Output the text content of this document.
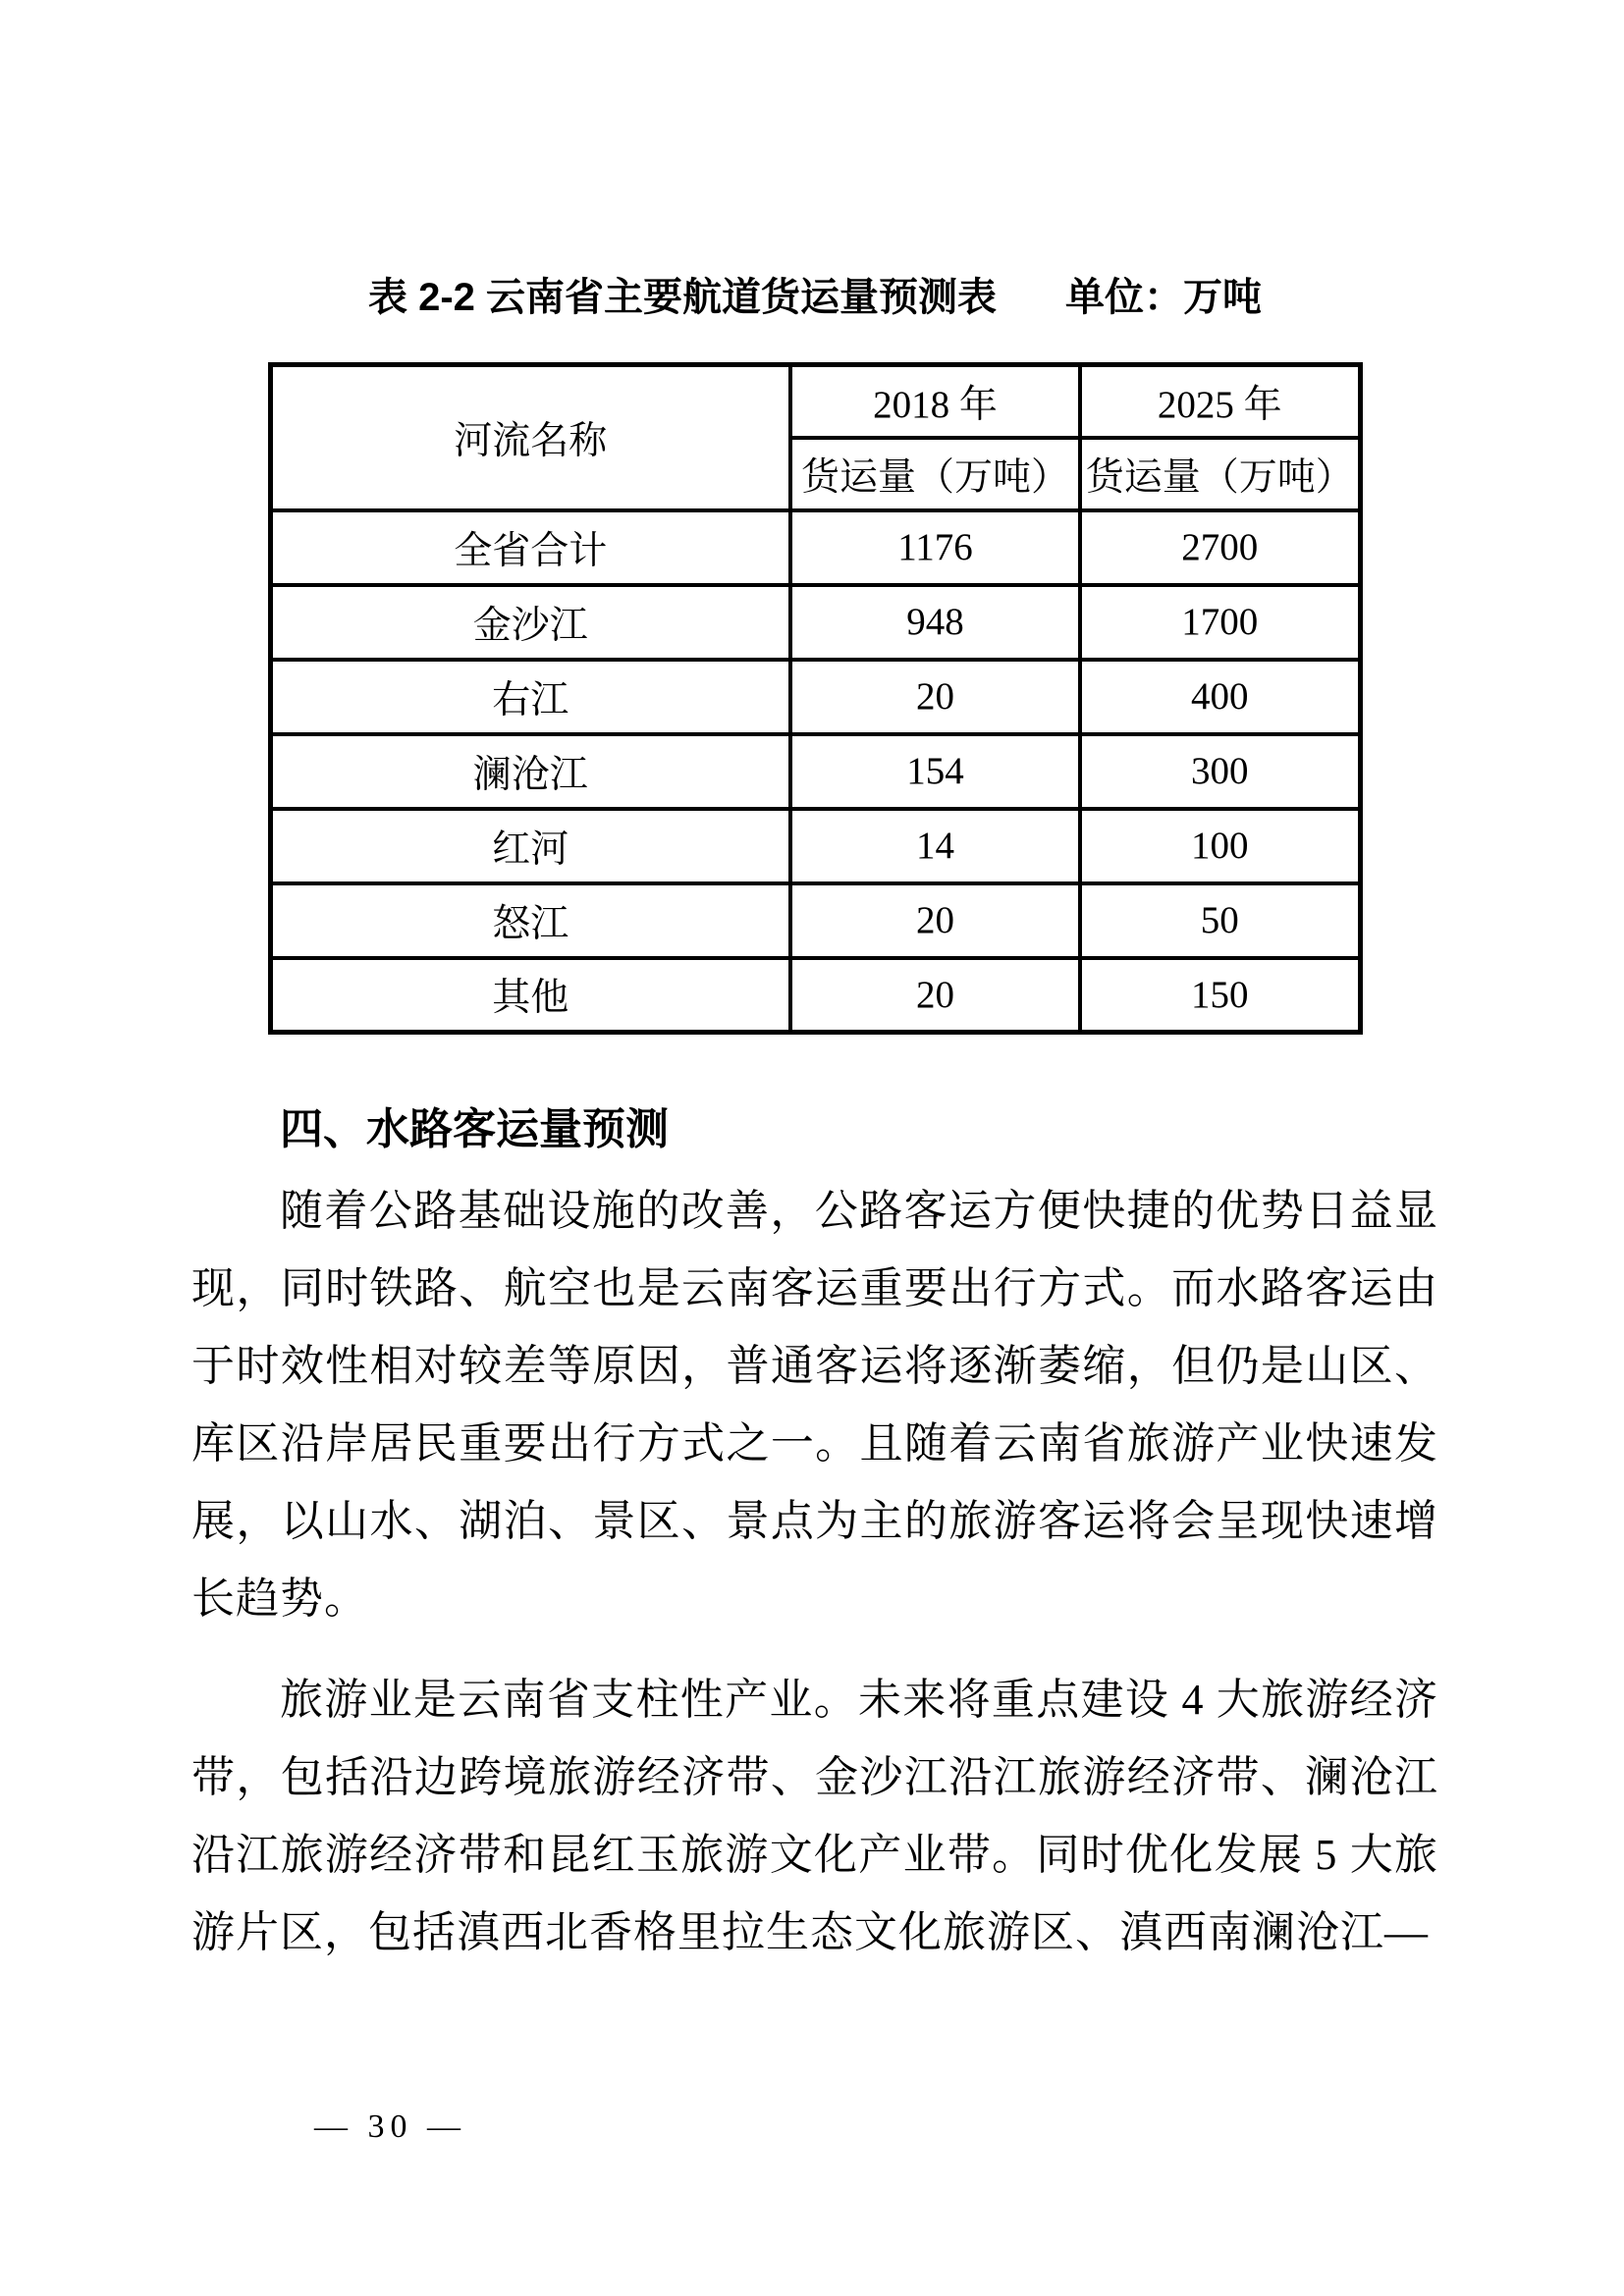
表 2-2 云南省主要航道货运量预测表 单位：万吨
河流名称	2018 年	2025 年
	货运量（万吨）	货运量（万吨）
全省合计	1176	2700
金沙江	948	1700
右江	20	400
澜沧江	154	300
红河	14	100
怒江	20	50
其他	20	150
四、水路客运量预测
随着公路基础设施的改善，公路客运方便快捷的优势日益显现，同时铁路、航空也是云南客运重要出行方式。而水路客运由于时效性相对较差等原因，普通客运将逐渐萎缩，但仍是山区、库区沿岸居民重要出行方式之一。且随着云南省旅游产业快速发展，以山水、湖泊、景区、景点为主的旅游客运将会呈现快速增长趋势。
旅游业是云南省支柱性产业。未来将重点建设 4 大旅游经济带，包括沿边跨境旅游经济带、金沙江沿江旅游经济带、澜沧江沿江旅游经济带和昆红玉旅游文化产业带。同时优化发展 5 大旅游片区，包括滇西北香格里拉生态文化旅游区、滇西南澜沧江—
— 30 —
